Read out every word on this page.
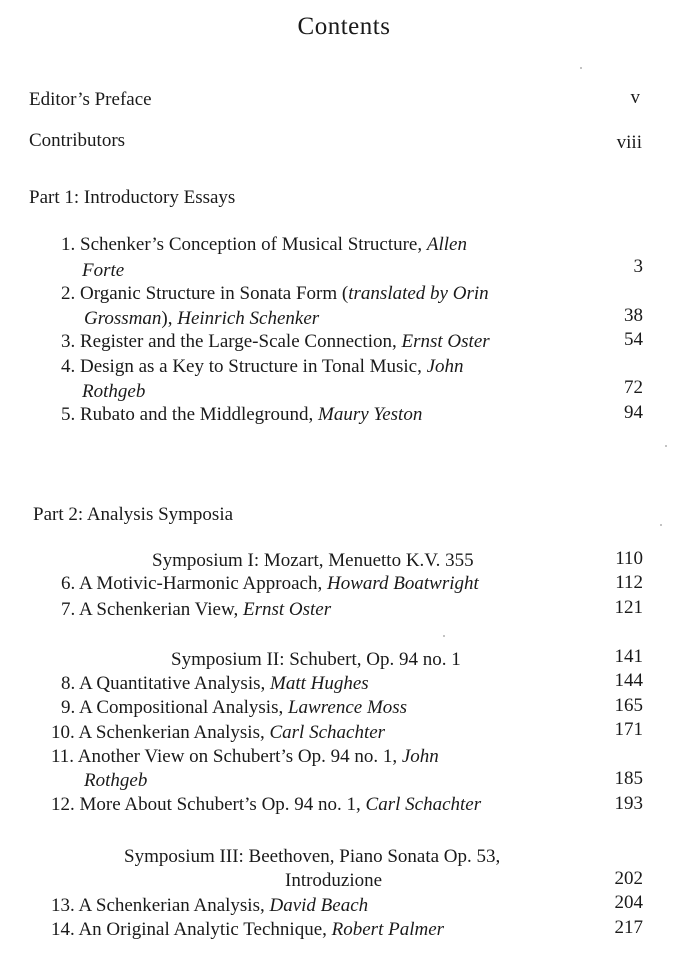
Contents
Editor’s Preface	v
Contributors	viii
Part 1: Introductory Essays
1. Schenker’s Conception of Musical Structure, Allen
Forte	3
2. Organic Structure in Sonata Form (translated by Orin
Grossman), Heinrich Schenker	38
3. Register and the Large-Scale Connection, Ernst Oster	54
4. Design as a Key to Structure in Tonal Music, John
Rothgeb	72
5. Rubato and the Middleground, Maury Yeston	94
Part 2: Analysis Symposia
Symposium I: Mozart, Menuetto K.V. 355	110
6. A Motivic-Harmonic Approach, Howard Boatwright	112
7. A Schenkerian View, Ernst Oster	121
Symposium II: Schubert, Op. 94 no. 1	141
8. A Quantitative Analysis, Matt Hughes	144
9. A Compositional Analysis, Lawrence Moss	165
10. A Schenkerian Analysis, Carl Schachter	171
11. Another View on Schubert’s Op. 94 no. 1, John
Rothgeb	185
12. More About Schubert’s Op. 94 no. 1, Carl Schachter	193
Symposium III: Beethoven, Piano Sonata Op. 53,
Introduzione	202
13. A Schenkerian Analysis, David Beach	204
14. An Original Analytic Technique, Robert Palmer	217
